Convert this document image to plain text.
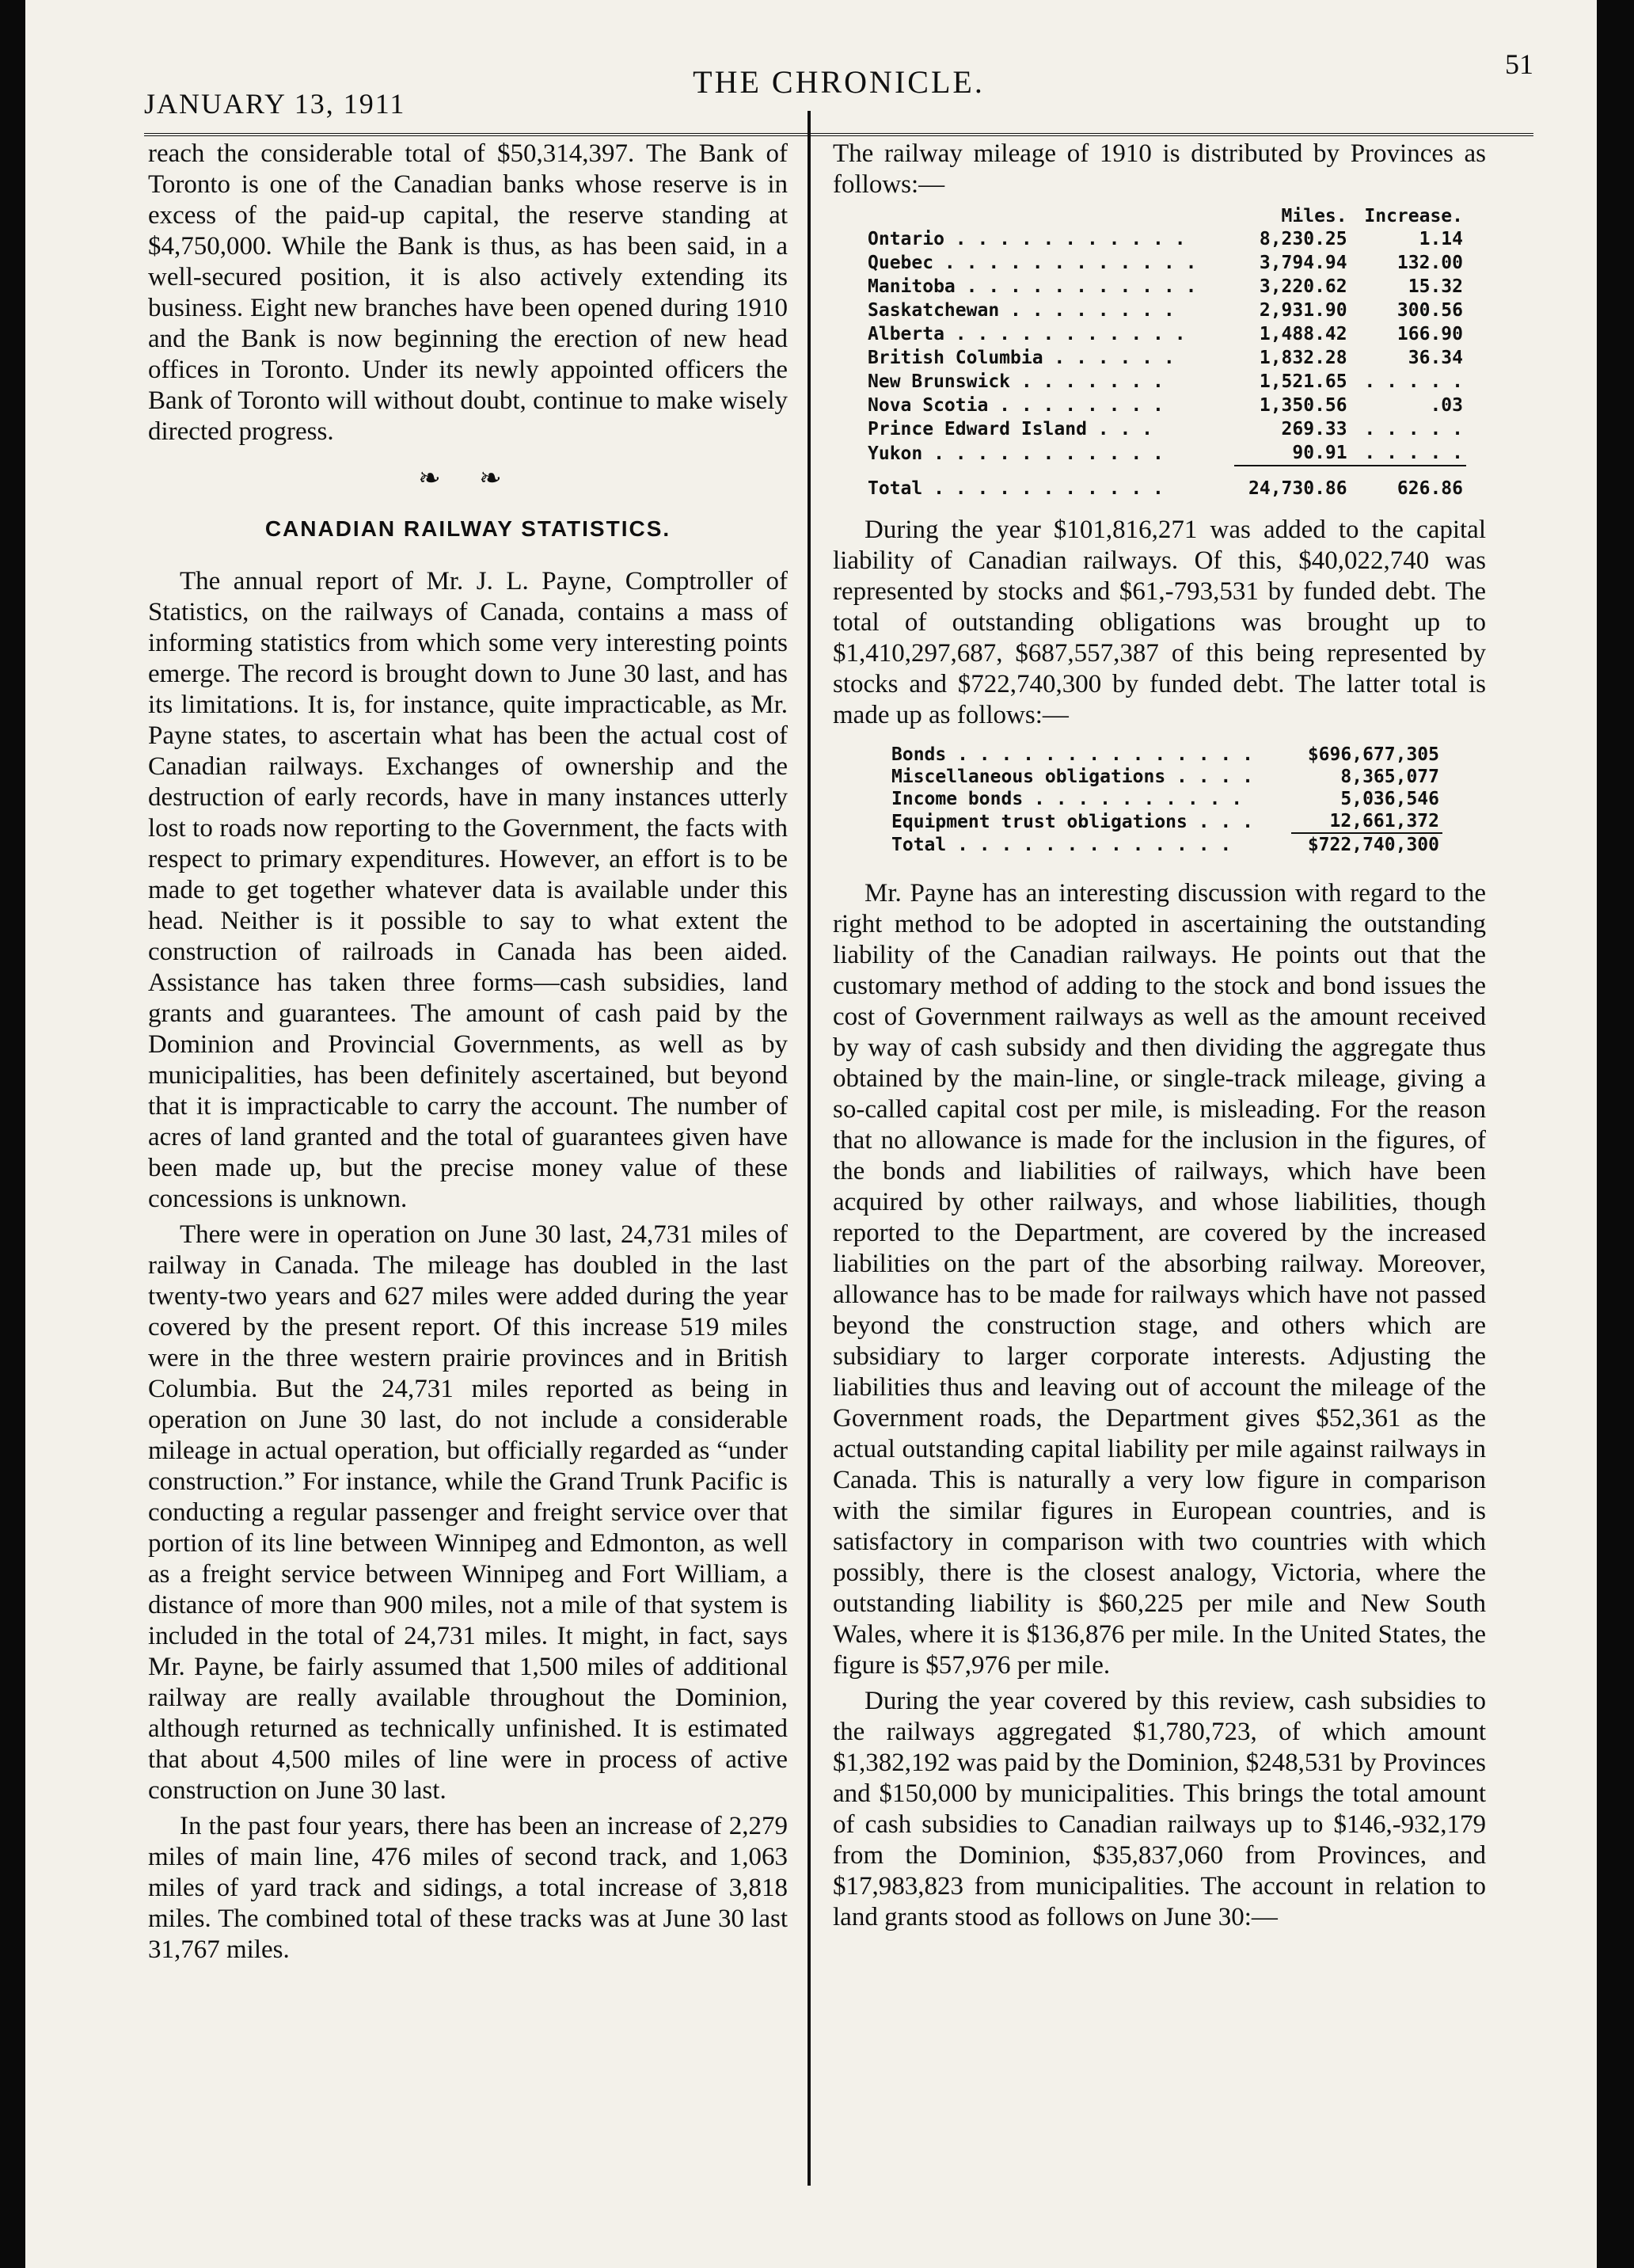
JANUARY 13, 1911
THE CHRONICLE.	51

reach the considerable total of $50,314,397. The Bank of Toronto is one of the Canadian banks whose reserve is in excess of the paid-up capital, the reserve standing at $4,750,000. While the Bank is thus, as has been said, in a well-secured position, it is also actively extending its business. Eight new branches have been opened during 1910 and the Bank is now beginning the erection of new head offices in Toronto. Under its newly appointed officers the Bank of Toronto will without doubt, continue to make wisely directed progress.

❧ ❧
CANADIAN RAILWAY STATISTICS.

The annual report of Mr. J. L. Payne, Comptroller of Statistics, on the railways of Canada, contains a mass of informing statistics from which some very interesting points emerge. The record is brought down to June 30 last, and has its limitations. It is, for instance, quite impracticable, as Mr. Payne states, to ascertain what has been the actual cost of Canadian railways. Exchanges of ownership and the destruction of early records, have in many instances utterly lost to roads now reporting to the Government, the facts with respect to primary expenditures. However, an effort is to be made to get together whatever data is available under this head. Neither is it possible to say to what extent the construction of railroads in Canada has been aided. Assistance has taken three forms—cash subsidies, land grants and guarantees. The amount of cash paid by the Dominion and Provincial Governments, as well as by municipalities, has been definitely ascertained, but beyond that it is impracticable to carry the account. The number of acres of land granted and the total of guarantees given have been made up, but the precise money value of these concessions is unknown.

There were in operation on June 30 last, 24,731 miles of railway in Canada. The mileage has doubled in the last twenty-two years and 627 miles were added during the year covered by the present report. Of this increase 519 miles were in the three western prairie provinces and in British Columbia. But the 24,731 miles reported as being in operation on June 30 last, do not include a considerable mileage in actual operation, but officially regarded as “under construction.” For instance, while the Grand Trunk Pacific is conducting a regular passenger and freight service over that portion of its line between Winnipeg and Edmonton, as well as a freight service between Winnipeg and Fort William, a distance of more than 900 miles, not a mile of that system is included in the total of 24,731 miles. It might, in fact, says Mr. Payne, be fairly assumed that 1,500 miles of additional railway are really available throughout the Dominion, although returned as technically unfinished. It is estimated that about 4,500 miles of line were in process of active construction on June 30 last.

In the past four years, there has been an increase of 2,279 miles of main line, 476 miles of second track, and 1,063 miles of yard track and sidings, a total increase of 3,818 miles. The combined total of these tracks was at June 30 last 31,767 miles.

The railway mileage of 1910 is distributed by Provinces as follows:—

	Miles.	Increase.
Ontario . . . . . . . . . . .	8,230.25	1.14
Quebec . . . . . . . . . . . .	3,794.94	132.00
Manitoba . . . . . . . . . . .	3,220.62	15.32
Saskatchewan . . . . . . . .	2,931.90	300.56
Alberta . . . . . . . . . . .	1,488.42	166.90
British Columbia . . . . . .	1,832.28	36.34
New Brunswick . . . . . . .	1,521.65	. . . . .
Nova Scotia . . . . . . . .	1,350.56	.03
Prince Edward Island . . .	269.33	. . . . .
Yukon . . . . . . . . . . .	90.91	. . . . .
Total . . . . . . . . . . .	24,730.86	626.86

During the year $101,816,271 was added to the capital liability of Canadian railways. Of this, $40,022,740 was represented by stocks and $61,-793,531 by funded debt. The total of outstanding obligations was brought up to $1,410,297,687, $687,557,387 of this being represented by stocks and $722,740,300 by funded debt. The latter total is made up as follows:—

Bonds . . . . . . . . . . . . . .	$696,677,305
Miscellaneous obligations . . . .	8,365,077
Income bonds . . . . . . . . . .	5,036,546
Equipment trust obligations . . .	12,661,372
Total . . . . . . . . . . . . .	$722,740,300

Mr. Payne has an interesting discussion with regard to the right method to be adopted in ascertaining the outstanding liability of the Canadian railways. He points out that the customary method of adding to the stock and bond issues the cost of Government railways as well as the amount received by way of cash subsidy and then dividing the aggregate thus obtained by the main-line, or single-track mileage, giving a so-called capital cost per mile, is misleading. For the reason that no allowance is made for the inclusion in the figures, of the bonds and liabilities of railways, which have been acquired by other railways, and whose liabilities, though reported to the Department, are covered by the increased liabilities on the part of the absorbing railway. Moreover, allowance has to be made for railways which have not passed beyond the construction stage, and others which are subsidiary to larger corporate interests. Adjusting the liabilities thus and leaving out of account the mileage of the Government roads, the Department gives $52,361 as the actual outstanding capital liability per mile against railways in Canada. This is naturally a very low figure in comparison with the similar figures in European countries, and is satisfactory in comparison with two countries with which possibly, there is the closest analogy, Victoria, where the outstanding liability is $60,225 per mile and New South Wales, where it is $136,876 per mile. In the United States, the figure is $57,976 per mile.

During the year covered by this review, cash subsidies to the railways aggregated $1,780,723, of which amount $1,382,192 was paid by the Dominion, $248,531 by Provinces and $150,000 by municipalities. This brings the total amount of cash subsidies to Canadian railways up to $146,-932,179 from the Dominion, $35,837,060 from Provinces, and $17,983,823 from municipalities. The account in relation to land grants stood as follows on June 30:—
